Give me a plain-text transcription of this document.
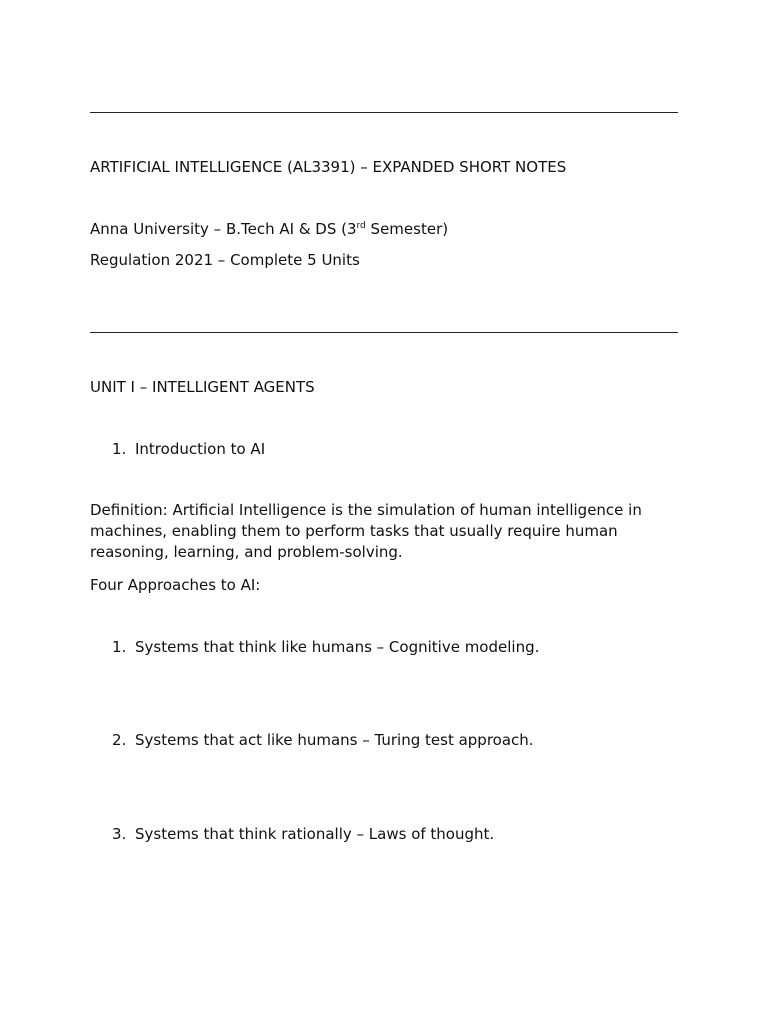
ARTIFICIAL INTELLIGENCE (AL3391) – EXPANDED SHORT NOTES
Anna University – B.Tech AI & DS (3rd Semester)
Regulation 2021 – Complete 5 Units
UNIT I – INTELLIGENT AGENTS
1. Introduction to AI
Definition: Artificial Intelligence is the simulation of human intelligence in machines, enabling them to perform tasks that usually require human reasoning, learning, and problem-solving.
Four Approaches to AI:
1. Systems that think like humans – Cognitive modeling.
2. Systems that act like humans – Turing test approach.
3. Systems that think rationally – Laws of thought.
